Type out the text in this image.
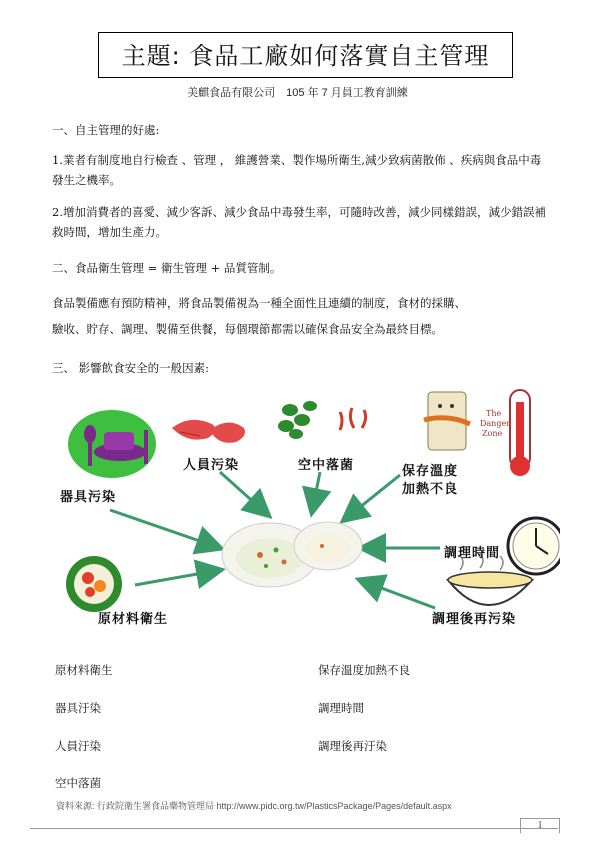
主題: 食品工廠如何落實自主管理
美麒食品有限公司　105 年 7 月員工教育訓練
一、自主管理的好處:
1.業者有制度地自行檢查 、管理 ， 維護營業、製作場所衛生,減少致病菌散佈 、疾病與食品中毒發生之機率。
2.增加消費者的喜愛、減少客訴、減少食品中毒發生率，可隨時改善，減少同樣錯誤，減少錯誤補救時間，增加生產力。
二、食品衛生管理 = 衛生管理 + 品質管制。
食品製備應有預防精神，將食品製備視為一種全面性且連續的制度，食材的採購、
驗收、貯存、調理、製備至供餐，每個環節都需以確保食品安全為最終目標。
三、 影響飲食安全的一般因素:
The
Danger
Zone
器具污染
人員污染	空中落菌	保存溫度
加熱不良
調理時間
調理後再污染
原材料衛生
原材料衛生
器具汙染
人員汙染
空中落菌
保存溫度加熱不良
調理時間
調理後再汙染
資料來源: 行政院衛生署食品藥物管理局 http://www.pidc.org.tw/PlasticsPackage/Pages/default.aspx
1
